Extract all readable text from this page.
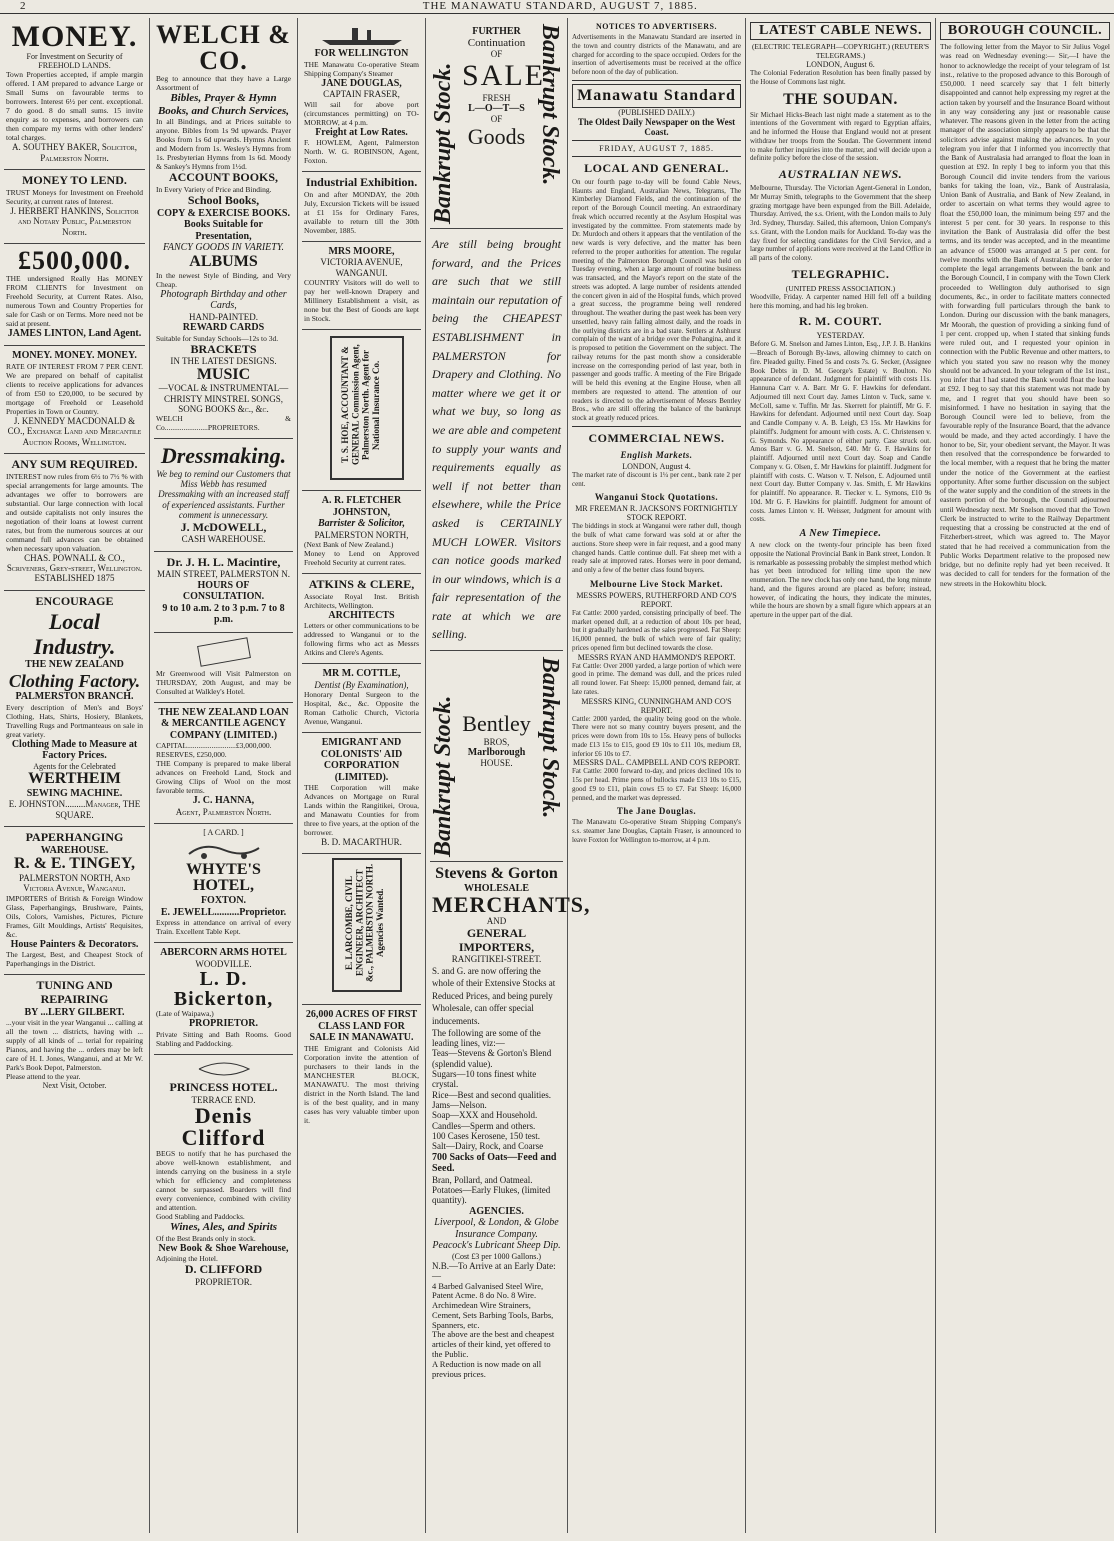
2	THE MANAWATU STANDARD, AUGUST 7, 1885.
MONEY.
For Investment on Security of FREEHOLD LANDS.
Town Properties accepted, if ample margin offered. I AM prepared to advance Large or Small Sums on favourable terms to borrowers. Interest 6½ per cent. exceptional. 7 do good. 8 do small sums. 15 invite enquiry as to expenses, and borrowers can then compare my terms with other lenders' total charges.
A. SOUTHEY BAKER, Solicitor, Palmerston North.
MONEY TO LEND.
TRUST Moneys for Investment on Freehold Security, at current rates of Interest.
J. HERBERT HANKINS, Solicitor and Notary Public, Palmerston North.
£500,000.
THE undersigned Really Has MONEY FROM CLIENTS for Investment on Freehold Security, at Current Rates. Also, numerous Town and Country Properties for sale for Cash or on Terms. More need not be said at present.
JAMES LINTON, Land Agent.
MONEY. MONEY. MONEY.
RATE OF INTEREST FROM 7 PER CENT. We are prepared on behalf of capitalist clients to receive applications for advances of from £50 to £20,000, to be secured by mortgage of Freehold or Leasehold Properties in Town or Country.
J. KENNEDY MACDONALD & CO., Exchange Land and Mercantile Auction Rooms, Wellington.
ANY SUM REQUIRED.
INTEREST now rules from 6½ to 7½ % with special arrangements for large amounts. The advantages we offer to borrowers are substantial. Our large connection with local and outside capitalists not only insures the negotiation of their loans at lowest current rates, but from the numerous sources at our command full advances can be obtained when necessary upon valuation.
CHAS. POWNALL & CO., Scriveners, Grey-street, Wellington. ESTABLISHED 1875
ENCOURAGE
Local Industry.
THE NEW ZEALAND
Clothing Factory.
PALMERSTON BRANCH.
Every description of Men's and Boys' Clothing, Hats, Shirts, Hosiery, Blankets, Travelling Rugs and Portmanteaus on sale in great variety.
Clothing Made to Measure at Factory Prices.
Agents for the Celebrated
WERTHEIM
SEWING MACHINE.
E. JOHNSTON.........Manager, THE SQUARE.
PAPERHANGING
WAREHOUSE.
R. & E. TINGEY,
PALMERSTON NORTH, And Victoria Avenue, Wanganui.
IMPORTERS of British & Foreign Window Glass, Paperhangings, Brushware, Paints, Oils, Colors, Varnishes, Pictures, Picture Frames, Gilt Mouldings, Artists' Requisites, &c.
House Painters & Decorators.
The Largest, Best, and Cheapest Stock of Paperhangings in the District.
TUNING AND REPAIRING
BY ...LERY GILBERT.
...your visit in the year Wanganui ... calling at all the town ... districts, having with ... supply of all kinds of ... terial for repairing Pianos, and having the ... orders may be left care of H. I. Jones, Wanganui, and at Mr W. Park's Book Depot, Palmerston.
Please attend to the year.
Next Visit, October.
WELCH & CO.
Beg to announce that they have a Large Assortment of
Bibles, Prayer & Hymn Books, and Church Services,
In all Bindings, and at Prices suitable to anyone. Bibles from 1s 9d upwards. Prayer Books from 1s 6d upwards. Hymns Ancient and Modern from 1s. Wesley's Hymns from 1s. Presbyterian Hymns from 1s 6d. Moody & Sankey's Hymns from 1½d.
ACCOUNT BOOKS,
In Every Variety of Price and Binding.
School Books,
COPY & EXERCISE BOOKS.
Books Suitable for Presentation,
FANCY GOODS IN VARIETY.
ALBUMS
In the newest Style of Binding, and Very Cheap.
Photograph Birthday and other Cards,
HAND-PAINTED.
REWARD CARDS
Suitable for Sunday Schools—12s to 3d.
BRACKETS
IN THE LATEST DESIGNS.
MUSIC
—VOCAL & INSTRUMENTAL— CHRISTY MINSTREL SONGS, SONG BOOKS &c., &c.
WELCH & Co.......................PROPRIETORS.
Dressmaking.
We beg to remind our Customers that Miss Webb has resumed Dressmaking with an increased staff of experienced assistants. Further comment is unnecessary.
J. McDOWELL,
CASH WAREHOUSE.
Dr. J. H. L. Macintire,
MAIN STREET, PALMERSTON N.
HOURS OF CONSULTATION.
9 to 10 a.m. 2 to 3 p.m. 7 to 8 p.m.
Mr Greenwood will Visit Palmerston on THURSDAY, 20th August, and may be Consulted at Walkley's Hotel.
THE NEW ZEALAND LOAN & MERCANTILE AGENCY COMPANY (LIMITED.)
CAPITAL..........................£3,000,000.
RESERVES, £250,000.
THE Company is prepared to make liberal advances on Freehold Land, Stock and Growing Clips of Wool on the most favorable terms.
J. C. HANNA,
Agent, Palmerston North.
[ A CARD. ]
WHYTE'S HOTEL,
FOXTON.
E. JEWELL..........Proprietor.
Express in attendance on arrival of every Train. Excellent Table Kept.
ABERCORN ARMS HOTEL
WOODVILLE.
L. D. Bickerton,
(Late of Waipawa,)
PROPRIETOR.
Private Sitting and Bath Rooms. Good Stabling and Paddocking.
PRINCESS HOTEL.
TERRACE END.
Denis Clifford
BEGS to notify that he has purchased the above well-known establishment, and intends carrying on the business in a style which for efficiency and completeness cannot be surpassed. Boarders will find every convenience, combined with civility and attention.
Good Stabling and Paddocks.
Wines, Ales, and Spirits
Of the Best Brands only in stock.
New Book & Shoe Warehouse,
Adjoining the Hotel.
D. CLIFFORD
PROPRIETOR.
FOR WELLINGTON
THE Manawatu Co-operative Steam Shipping Company's Steamer
JANE DOUGLAS,
CAPTAIN FRASER,
Will sail for above port (circumstances permitting) on TO-MORROW, at 4 p.m.
Freight at Low Rates.
F. HOWLEM, Agent, Palmerston North. W. G. ROBINSON, Agent, Foxton.
Industrial Exhibition.
On and after MONDAY, the 20th July, Excursion Tickets will be issued at £1 15s for Ordinary Fares, available to return till the 30th November, 1885.
MRS MOORE,
VICTORIA AVENUE, WANGANUI.
COUNTRY Visitors will do well to pay her well-known Drapery and Millinery Establishment a visit, as none but the Best of Goods are kept in Stock.
T. S. HOE, ACCOUNTANT & GENERAL Commission Agent, Palmerston North. Agent for National Insurance Co.
A. R. FLETCHER JOHNSTON,
Barrister & Solicitor,
PALMERSTON NORTH,
(Next Bank of New Zealand.)
Money to Lend on Approved Freehold Security at current rates.
ATKINS & CLERE,
Associate Royal Inst. British Architects, Wellington.
ARCHITECTS
Letters or other communications to be addressed to Wanganui or to the following firms who act as Messrs Atkins and Clere's Agents.
MR M. COTTLE,
Dentist (By Examination),
Honorary Dental Surgeon to the Hospital, &c., &c. Opposite the Roman Catholic Church, Victoria Avenue, Wanganui.
EMIGRANT AND COLONISTS' AID CORPORATION (LIMITED).
THE Corporation will make Advances on Mortgage on Rural Lands within the Rangitikei, Oroua, and Manawatu Counties for from three to five years, at the option of the borrower.
B. D. MACARTHUR.
E. LARCOMBE, CIVIL ENGINEER, ARCHITECT &c., PALMERSTON NORTH. Agencies Wanted.
26,000 ACRES OF FIRST CLASS LAND FOR SALE IN MANAWATU.
THE Emigrant and Colonists Aid Corporation invite the attention of purchasers to their lands in the MANCHESTER BLOCK, MANAWATU. The most thriving district in the North Island. The land is of the best quality, and in many cases has very valuable timber upon it.
Bankrupt Stock.	Bankrupt Stock.
FURTHER
Continuation
OF
SALE
FRESH
L—O—T—S
OF
Goods
Are still being brought forward, and the Prices are such that we still maintain our reputation of being the CHEAPEST ESTABLISHMENT in PALMERSTON for Drapery and Clothing. No matter where we get it or what we buy, so long as we are able and competent to supply your wants and requirements equally as well if not better than elsewhere, while the Price asked is CERTAINLY MUCH LOWER. Visitors can notice goods marked in our windows, which is a fair representation of the rate at which we are selling.
Bankrupt Stock.	Bankrupt Stock.
Bentley
BROS,
Marlborough
HOUSE.
Stevens & Gorton
WHOLESALE
MERCHANTS,
AND
GENERAL IMPORTERS,
RANGITIKEI-STREET.
S. and G. are now offering the whole of their Extensive Stocks at Reduced Prices, and being purely Wholesale, can offer special inducements.
The following are some of the leading lines, viz:—
Teas—Stevens & Gorton's Blend (splendid value).
Sugars—10 tons finest white crystal.
Rice—Best and second qualities.
Jams—Nelson.
Soap—XXX and Household.
Candles—Sperm and others.
100 Cases Kerosene, 150 test.
Salt—Dairy, Rock, and Coarse
700 Sacks of Oats—Feed and Seed.
Bran, Pollard, and Oatmeal.
Potatoes—Early Flukes, (limited quantity).
AGENCIES.
Liverpool, & London, & Globe Insurance Company.
Peacock's Lubricant Sheep Dip.
(Cost £3 per 1000 Gallons.)
N.B.—To Arrive at an Early Date:—
4 Barbed Galvanised Steel Wire, Patent Acme. 8 do No. 8 Wire. Archimedean Wire Strainers, Cement, Sets Barbing Tools, Barbs, Spanners, etc.
The above are the best and cheapest articles of their kind, yet offered to the Public.
A Reduction is now made on all previous prices.
NOTICES TO ADVERTISERS.
Advertisements in the Manawatu Standard are inserted in the town and country districts of the Manawatu, and are charged for according to the space occupied. Orders for the insertion of advertisements must be received at the office before noon of the day of publication.
Manawatu Standard
(PUBLISHED DAILY.)
The Oldest Daily Newspaper on the West Coast.
FRIDAY, AUGUST 7, 1885.
LOCAL AND GENERAL.
On our fourth page to-day will be found Cable News, Haunts and England, Australian News, Telegrams, The Kimberley Diamond Fields, and the continuation of the report of the Borough Council meeting. An extraordinary freak which occurred recently at the Asylum Hospital was investigated by the committee. From statements made by Dr. Murdoch and others it appears that the ventilation of the new wards is very defective, and the matter has been referred to the proper authorities for attention. The regular meeting of the Palmerston Borough Council was held on Tuesday evening, when a large amount of routine business was transacted, and the Mayor's report on the state of the streets was adopted. A large number of residents attended the concert given in aid of the Hospital funds, which proved a great success, the programme being well rendered throughout. The weather during the past week has been very unsettled, heavy rain falling almost daily, and the roads in the outlying districts are in a bad state. Settlers at Ashhurst complain of the want of a bridge over the Pohangina, and it is proposed to petition the Government on the subject. The railway returns for the past month show a considerable increase on the corresponding period of last year, both in passenger and goods traffic. A meeting of the Fire Brigade will be held this evening at the Engine House, when all members are requested to attend. The attention of our readers is directed to the advertisement of Messrs Bentley Bros., who are still offering the balance of the bankrupt stock at greatly reduced prices.
COMMERCIAL NEWS.
English Markets.
LONDON, August 4.
The market rate of discount is 1¼ per cent., bank rate 2 per cent.
Wanganui Stock Quotations.
MR FREEMAN R. JACKSON'S FORTNIGHTLY STOCK REPORT.
The biddings in stock at Wanganui were rather dull, though the bulk of what came forward was sold at or after the auctions. Store sheep were in fair request, and a good many changed hands. Cattle continue dull. Fat sheep met with a ready sale at improved rates. Horses were in poor demand, and only a few of the better class found buyers.
Melbourne Live Stock Market.
MESSRS POWERS, RUTHERFORD AND CO'S REPORT.
Fat Cattle: 2000 yarded, consisting principally of beef. The market opened dull, at a reduction of about 10s per head, but it gradually hardened as the sales progressed. Fat Sheep: 16,000 penned, the bulk of which were of fair quality; prices opened firm but declined towards the close.
MESSRS RYAN AND HAMMOND'S REPORT.
Fat Cattle: Over 2000 yarded, a large portion of which were good in prime. The demand was dull, and the prices ruled all round lower. Fat Sheep: 15,000 penned, demand fair, at late rates.
MESSRS KING, CUNNINGHAM AND CO'S REPORT.
Cattle: 2000 yarded, the quality being good on the whole. There were not so many country buyers present, and the prices were down from 10s to 15s. Heavy pens of bullocks made £13 15s to £15, good £9 10s to £11 10s, medium £8, inferior £6 10s to £7.
MESSRS DAL. CAMPBELL AND CO'S REPORT.
Fat Cattle: 2000 forward to-day, and prices declined 10s to 15s per head. Prime pens of bullocks made £13 10s to £15, good £9 to £11, plain cows £5 to £7. Fat Sheep: 16,000 penned, and the market was depressed.
The Jane Douglas.
The Manawatu Co-operative Steam Shipping Company's s.s. steamer Jane Douglas, Captain Fraser, is announced to leave Foxton for Wellington to-morrow, at 4 p.m.
LATEST CABLE NEWS.
(ELECTRIC TELEGRAPH—COPYRIGHT.) (REUTER'S TELEGRAMS.)
LONDON, August 6.
The Colonial Federation Resolution has been finally passed by the House of Commons last night.
THE SOUDAN.
Sir Michael Hicks-Beach last night made a statement as to the intentions of the Government with regard to Egyptian affairs, and he informed the House that England would not at present withdraw her troops from the Soudan. The Government intend to make further inquiries into the matter, and will decide upon a definite policy before the close of the session.
AUSTRALIAN NEWS.
Melbourne, Thursday. The Victorian Agent-General in London, Mr Murray Smith, telegraphs to the Government that the sheep grazing mortgage have been expunged from the Bill. Adelaide, Thursday. Arrived, the s.s. Orient, with the London mails to July 3rd. Sydney, Thursday. Sailed, this afternoon, Union Company's s.s. Grant, with the London mails for Auckland. To-day was the day fixed for selecting candidates for the Civil Service, and a large number of applications were received at the Land Office in all parts of the colony.
TELEGRAPHIC.
(UNITED PRESS ASSOCIATION.)
Woodville, Friday. A carpenter named Hill fell off a building here this morning, and had his leg broken.
R. M. COURT.
YESTERDAY.
Before G. M. Snelson and James Linton, Esq., J.P. J. B. Hankins—Breach of Borough By-laws, allowing chimney to catch on fire. Pleaded guilty. Fined 5s and costs 7s. G. Secker, (Assignee Book Debts in D. M. George's Estate) v. Boulton. No appearance of defendant. Judgment for plaintiff with costs 11s. Hannuna Carr v. A. Barr. Mr G. F. Hawkins for defendant. Adjourned till next Court day. James Linton v. Tuck, same v. McColl, same v. Tuffin. Mr Jas. Skerrett for plaintiff, Mr G. F. Hawkins for defendant. Adjourned until next Court day. Soap and Candle Company v. A. B. Leigh, £3 15s. Mr Hawkins for plaintiff's. Judgment for amount with costs. A. C. Christensen v. G. Symonds. No appearance of either party. Case struck out. Amos Barr v. G. M. Snelson, £40. Mr G. F. Hawkins for plaintiff. Adjourned until next Court day. Soap and Candle Company v. G. Olsen, £. Mr Hawkins for plaintiff. Judgment for plaintiff with costs. C. Watson v. T. Nelson, £. Adjourned until next Court day. Butter Company v. Jas. Smith, £. Mr Hawkins for plaintiff. No appearance. R. Tiecker v. L. Symons, £10 9s 10d. Mr G. F. Hawkins for plaintiff. Judgment for amount of costs. James Linton v. H. Weisser, Judgment for amount with costs.
A New Timepiece.
A new clock on the twenty-four principle has been fixed opposite the National Provincial Bank in Bank street, London. It is remarkable as possessing probably the simplest method which has yet been introduced for telling time upon the new enumeration. The new clock has only one hand, the long minute hand, and the figures around are placed as before; instead, however, of indicating the hours, they indicate the minutes, while the hours are shown by a small figure which appears at an aperture in the upper part of the dial.
BOROUGH COUNCIL.
The following letter from the Mayor to Sir Julius Vogel was read on Wednesday evening:— Sir,—I have the honor to acknowledge the receipt of your telegram of 1st inst., relative to the proposed advance to this Borough of £50,000. I need scarcely say that I felt bitterly disappointed and cannot help expressing my regret at the action taken by yourself and the Insurance Board without in any way considering any just or reasonable cause whatever. The reasons given in the letter from the acting manager of the association simply appears to be that the solicitors advise against making the advances. In your telegram you infer that I informed you incorrectly that the Bank of Australasia had arranged to float the loan in question at £92. In reply I beg to inform you that this Borough Council did invite tenders from the various banks for taking the loan, viz., Bank of Australasia, Union Bank of Australia, and Bank of New Zealand, in order to ascertain on what terms they would agree to float the £50,000 loan, the minimum being £97 and the interest 5 per cent. for 30 years. In response to this invitation the Bank of Australasia did offer the best terms, and its tender was accepted, and in the meantime an advance of £5000 was arranged at 5 per cent. for twelve months with the Bank of Australasia. In order to complete the legal arrangements between the bank and the Borough Council, I in company with the Town Clerk proceeded to Wellington duly authorised to sign documents, &c., in order to facilitate matters connected with forwarding full particulars through the bank to London. During our discussion with the bank managers, Mr Moorah, the question of providing a sinking fund of 1 per cent. cropped up, when I stated that sinking funds were ruled out, and I requested your opinion in connection with the Public Revenue and other matters, to which you stated you saw no reason why the money should not be advanced. In your telegram of the 1st inst., you infer that I had stated the Bank would float the loan at £92. I beg to say that this statement was not made by me, and I regret that you should have been so misinformed. I have no hesitation in saying that the Borough Council were led to believe, from the favourable reply of the Insurance Board, that the advance would be made, and they acted accordingly. I have the honor to be, Sir, your obedient servant, the Mayor. It was then resolved that the correspondence be forwarded to the local member, with a request that he bring the matter under the notice of the Government at the earliest opportunity. After some further discussion on the subject of the water supply and the condition of the streets in the eastern portion of the borough, the Council adjourned until Wednesday next. Mr Snelson moved that the Town Clerk be instructed to write to the Railway Department requesting that a crossing be constructed at the end of Fitzherbert-street, which was agreed to. The Mayor stated that he had received a communication from the Public Works Department relative to the proposed new bridge, but no definite reply had yet been received. It was decided to call for tenders for the formation of the new streets in the Hokowhitu block.
